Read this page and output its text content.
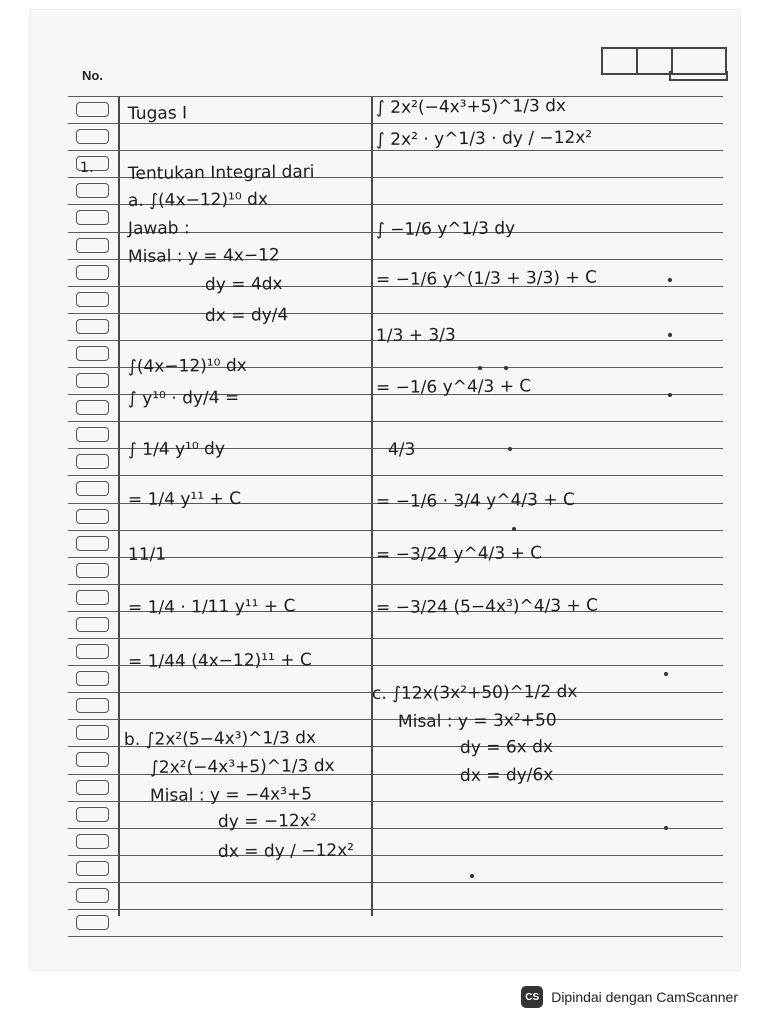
No.
1.
Tugas I
Tentukan Integral dari
a. ∫(4x−12)¹⁰ dx
Jawab :
Misal : y = 4x−12
dy = 4dx
dx = dy/4
∫(4x−12)¹⁰ dx
∫ y¹⁰ · dy/4 =
∫ 1/4 y¹⁰ dy
= 1/4 y¹¹ + C
11/1
= 1/4 · 1/11 y¹¹ + C
= 1/44 (4x−12)¹¹ + C
b. ∫2x²(5−4x³)^1/3 dx
∫2x²(−4x³+5)^1/3 dx
Misal : y = −4x³+5
dy = −12x²
dx = dy / −12x²
∫ 2x²(−4x³+5)^1/3 dx
∫ 2x² · y^1/3 · dy / −12x²
∫ −1/6 y^1/3 dy
= −1/6 y^(1/3 + 3/3) + C
1/3 + 3/3
= −1/6 y^4/3 + C
4/3
= −1/6 · 3/4 y^4/3 + C
= −3/24 y^4/3 + C
= −3/24 (5−4x³)^4/3 + C
c. ∫12x(3x²+50)^1/2 dx
Misal : y = 3x²+50
dy = 6x dx
dx = dy/6x
CS Dipindai dengan CamScanner
